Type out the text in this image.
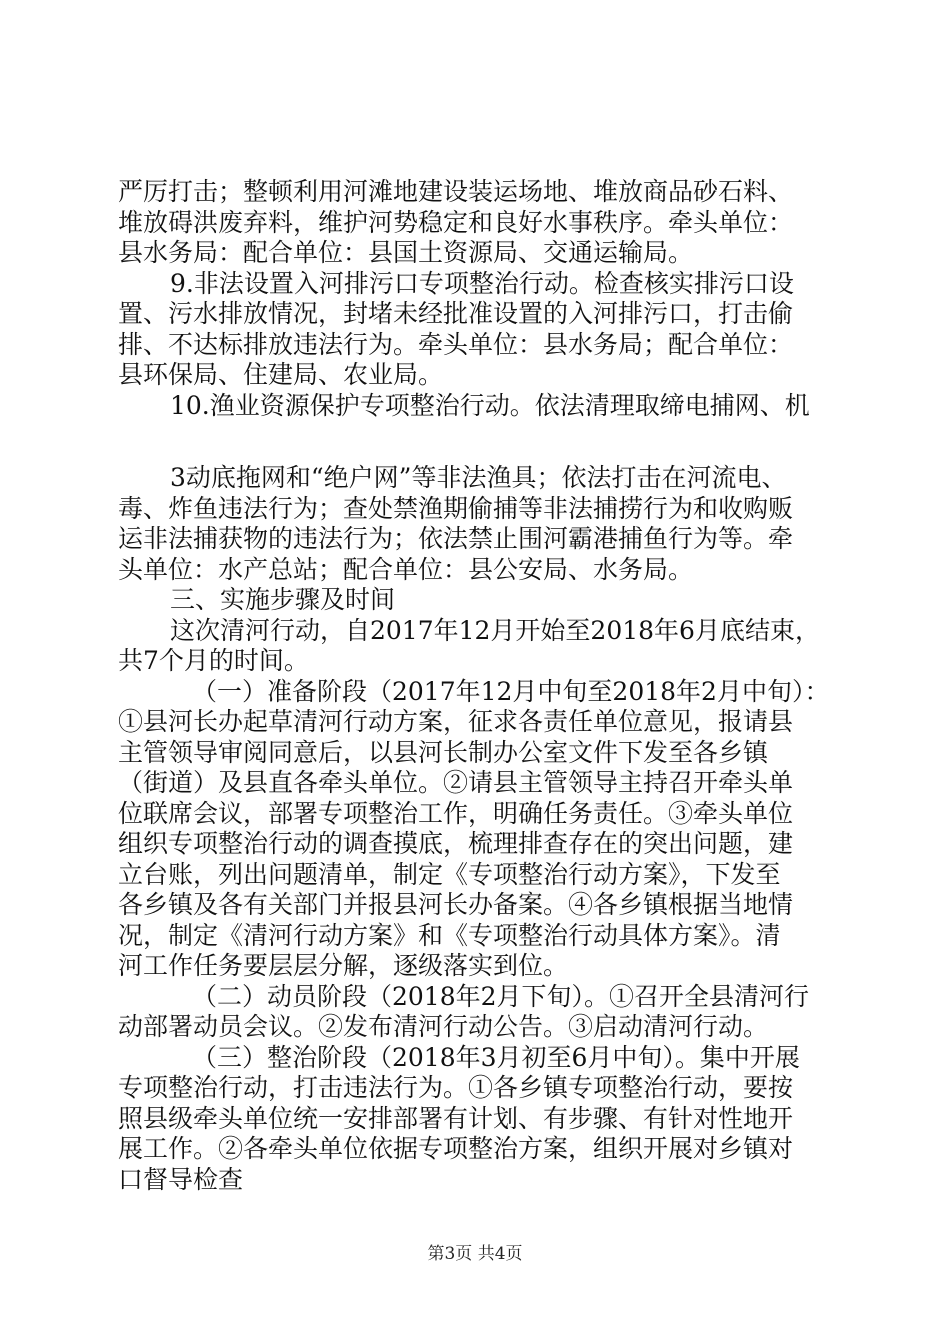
严厉打击；整顿利用河滩地建设装运场地、堆放商品砂石料、
堆放碍洪废弃料，维护河势稳定和良好水事秩序。牵头单位：
县水务局：配合单位：县国土资源局、交通运输局。
9.非法设置入河排污口专项整治行动。检查核实排污口设
置、污水排放情况，封堵未经批准设置的入河排污口，打击偷
排、不达标排放违法行为。牵头单位：县水务局；配合单位：
县环保局、住建局、农业局。
10.渔业资源保护专项整治行动。依法清理取缔电捕网、机
3动底拖网和“绝户网”等非法渔具；依法打击在河流电、
毒、炸鱼违法行为；查处禁渔期偷捕等非法捕捞行为和收购贩
运非法捕获物的违法行为；依法禁止围河霸港捕鱼行为等。牵
头单位：水产总站；配合单位：县公安局、水务局。
三、实施步骤及时间
这次清河行动，自2017年12月开始至2018年6月底结束，
共7个月的时间。
（一）准备阶段（2017年12月中旬至2018年2月中旬）：
①县河长办起草清河行动方案，征求各责任单位意见，报请县
主管领导审阅同意后，以县河长制办公室文件下发至各乡镇
（街道）及县直各牵头单位。②请县主管领导主持召开牵头单
位联席会议，部署专项整治工作，明确任务责任。③牵头单位
组织专项整治行动的调查摸底，梳理排查存在的突出问题，建
立台账，列出问题清单，制定《专项整治行动方案》，下发至
各乡镇及各有关部门并报县河长办备案。④各乡镇根据当地情
况，制定《清河行动方案》和《专项整治行动具体方案》。清
河工作任务要层层分解，逐级落实到位。
（二）动员阶段（2018年2月下旬）。①召开全县清河行
动部署动员会议。②发布清河行动公告。③启动清河行动。
（三）整治阶段（2018年3月初至6月中旬）。集中开展
专项整治行动，打击违法行为。①各乡镇专项整治行动，要按
照县级牵头单位统一安排部署有计划、有步骤、有针对性地开
展工作。②各牵头单位依据专项整治方案，组织开展对乡镇对
口督导检查
第3页 共4页
